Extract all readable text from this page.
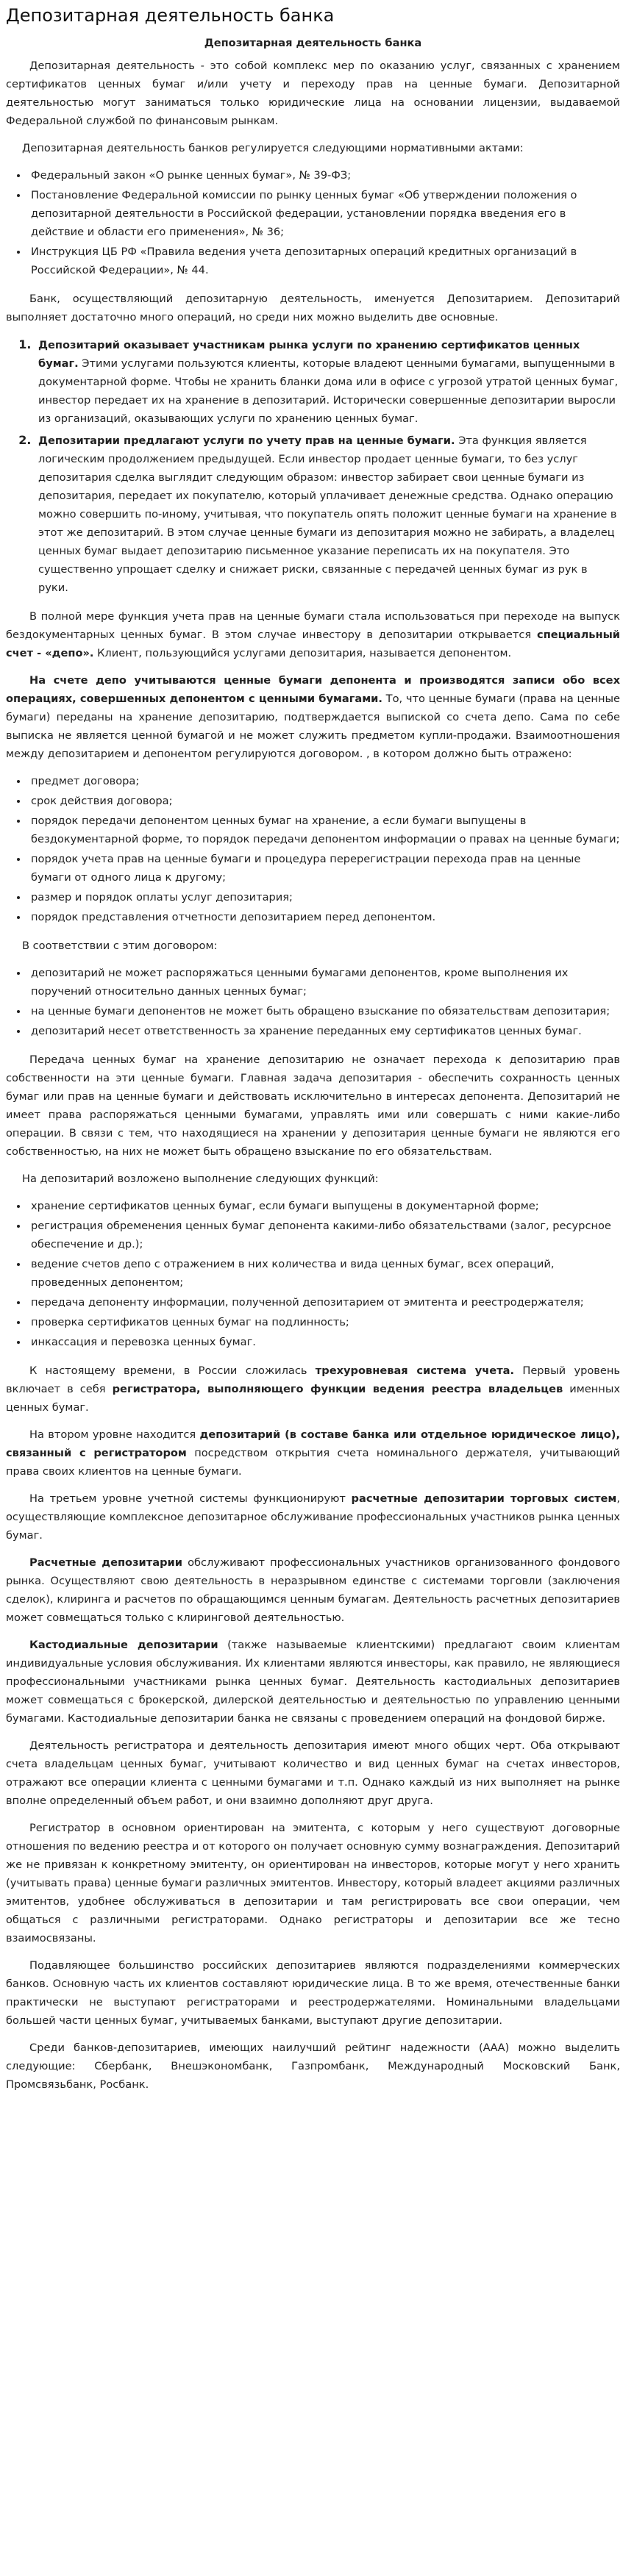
Депозитарная деятельность банка
Депозитарная деятельность банка

Депозитарная деятельность - это собой комплекс мер по оказанию услуг, связанных с хранением сертификатов ценных бумаг и/или учету и переходу прав на ценные бумаги. Депозитарной деятельностью могут заниматься только юридические лица на основании лицензии, выдаваемой Федеральной службой по финансовым рынкам.

Депозитарная деятельность банков регулируется следующими нормативными актами:

• Федеральный закон «О рынке ценных бумаг», № 39-ФЗ;
• Постановление Федеральной комиссии по рынку ценных бумаг «Об утверждении положения о депозитарной деятельности в Российской федерации, установлении порядка введения его в действие и области его применения», № 36;
• Инструкция ЦБ РФ «Правила ведения учета депозитарных операций кредитных организаций в Российской Федерации», № 44.

Банк, осуществляющий депозитарную деятельность, именуется Депозитарием. Депозитарий выполняет достаточно много операций, но среди них можно выделить две основные.

1. Депозитарий оказывает участникам рынка услуги по хранению сертификатов ценных бумаг. Этими услугами пользуются клиенты, которые владеют ценными бумагами, выпущенными в документарной форме. Чтобы не хранить бланки дома или в офисе с угрозой утратой ценных бумаг, инвестор передает их на хранение в депозитарий. Исторически совершенные депозитарии выросли из организаций, оказывающих услуги по хранению ценных бумаг.
2. Депозитарии предлагают услуги по учету прав на ценные бумаги. Эта функция является логическим продолжением предыдущей. Если инвестор продает ценные бумаги, то без услуг депозитария сделка выглядит следующим образом: инвестор забирает свои ценные бумаги из депозитария, передает их покупателю, который уплачивает денежные средства. Однако операцию можно совершить по-иному, учитывая, что покупатель опять положит ценные бумаги на хранение в этот же депозитарий. В этом случае ценные бумаги из депозитария можно не забирать, а владелец ценных бумаг выдает депозитарию письменное указание переписать их на покупателя. Это существенно упрощает сделку и снижает риски, связанные с передачей ценных бумаг из рук в руки.

В полной мере функция учета прав на ценные бумаги стала использоваться при переходе на выпуск бездокументарных ценных бумаг. В этом случае инвестору в депозитарии открывается специальный счет - «депо». Клиент, пользующийся услугами депозитария, называется депонентом.

На счете депо учитываются ценные бумаги депонента и производятся записи обо всех операциях, совершенных депонентом с ценными бумагами. То, что ценные бумаги (права на ценные бумаги) переданы на хранение депозитарию, подтверждается выпиской со счета депо. Сама по себе выписка не является ценной бумагой и не может служить предметом купли-продажи. Взаимоотношения между депозитарием и депонентом регулируются договором. , в котором должно быть отражено:

• предмет договора;
• срок действия договора;
• порядок передачи депонентом ценных бумаг на хранение, а если бумаги выпущены в бездокументарной форме, то порядок передачи депонентом информации о правах на ценные бумаги;
• порядок учета прав на ценные бумаги и процедура перерегистрации перехода прав на ценные бумаги от одного лица к другому;
• размер и порядок оплаты услуг депозитария;
• порядок представления отчетности депозитарием перед депонентом.

В соответствии с этим договором:

• депозитарий не может распоряжаться ценными бумагами депонентов, кроме выполнения их поручений относительно данных ценных бумаг;
• на ценные бумаги депонентов не может быть обращено взыскание по обязательствам депозитария;
• депозитарий несет ответственность за хранение переданных ему сертификатов ценных бумаг.

Передача ценных бумаг на хранение депозитарию не означает перехода к депозитарию прав собственности на эти ценные бумаги. Главная задача депозитария - обеспечить сохранность ценных бумаг или прав на ценные бумаги и действовать исключительно в интересах депонента. Депозитарий не имеет права распоряжаться ценными бумагами, управлять ими или совершать с ними какие-либо операции. В связи с тем, что находящиеся на хранении у депозитария ценные бумаги не являются его собственностью, на них не может быть обращено взыскание по его обязательствам.

На депозитарий возложено выполнение следующих функций:

• хранение сертификатов ценных бумаг, если бумаги выпущены в документарной форме;
• регистрация обременения ценных бумаг депонента какими-либо обязательствами (залог, ресурсное обеспечение и др.);
• ведение счетов депо с отражением в них количества и вида ценных бумаг, всех операций, проведенных депонентом;
• передача депоненту информации, полученной депозитарием от эмитента и реестродержателя;
• проверка сертификатов ценных бумаг на подлинность;
• инкассация и перевозка ценных бумаг.

К настоящему времени, в России сложилась трехуровневая система учета. Первый уровень включает в себя регистратора, выполняющего функции ведения реестра владельцев именных ценных бумаг.

На втором уровне находится депозитарий (в составе банка или отдельное юридическое лицо), связанный с регистратором посредством открытия счета номинального держателя, учитывающий права своих клиентов на ценные бумаги.

На третьем уровне учетной системы функционируют расчетные депозитарии торговых систем, осуществляющие комплексное депозитарное обслуживание профессиональных участников рынка ценных бумаг.

Расчетные депозитарии обслуживают профессиональных участников организованного фондового рынка. Осуществляют свою деятельность в неразрывном единстве с системами торговли (заключения сделок), клиринга и расчетов по обращающимся ценным бумагам. Деятельность расчетных депозитариев может совмещаться только с клиринговой деятельностью.

Кастодиальные депозитарии (также называемые клиентскими) предлагают своим клиентам индивидуальные условия обслуживания. Их клиентами являются инвесторы, как правило, не являющиеся профессиональными участниками рынка ценных бумаг. Деятельность кастодиальных депозитариев может совмещаться с брокерской, дилерской деятельностью и деятельностью по управлению ценными бумагами. Кастодиальные депозитарии банка не связаны с проведением операций на фондовой бирже.

Деятельность регистратора и деятельность депозитария имеют много общих черт. Оба открывают счета владельцам ценных бумаг, учитывают количество и вид ценных бумаг на счетах инвесторов, отражают все операции клиента с ценными бумагами и т.п. Однако каждый из них выполняет на рынке вполне определенный объем работ, и они взаимно дополняют друг друга.

Регистратор в основном ориентирован на эмитента, с которым у него существуют договорные отношения по ведению реестра и от которого он получает основную сумму вознаграждения. Депозитарий же не привязан к конкретному эмитенту, он ориентирован на инвесторов, которые могут у него хранить (учитывать права) ценные бумаги различных эмитентов. Инвестору, который владеет акциями различных эмитентов, удобнее обслуживаться в депозитарии и там регистрировать все свои операции, чем общаться с различными регистраторами. Однако регистраторы и депозитарии все же тесно взаимосвязаны.

Подавляющее большинство российских депозитариев являются подразделениями коммерческих банков. Основную часть их клиентов составляют юридические лица. В то же время, отечественные банки практически не выступают регистраторами и реестродержателями. Номинальными владельцами большей части ценных бумаг, учитываемых банками, выступают другие депозитарии.

Среди банков-депозитариев, имеющих наилучший рейтинг надежности (ААА) можно выделить следующие: Сбербанк, Внешэкономбанк, Газпромбанк, Международный Московский Банк, Промсвязьбанк, Росбанк.
